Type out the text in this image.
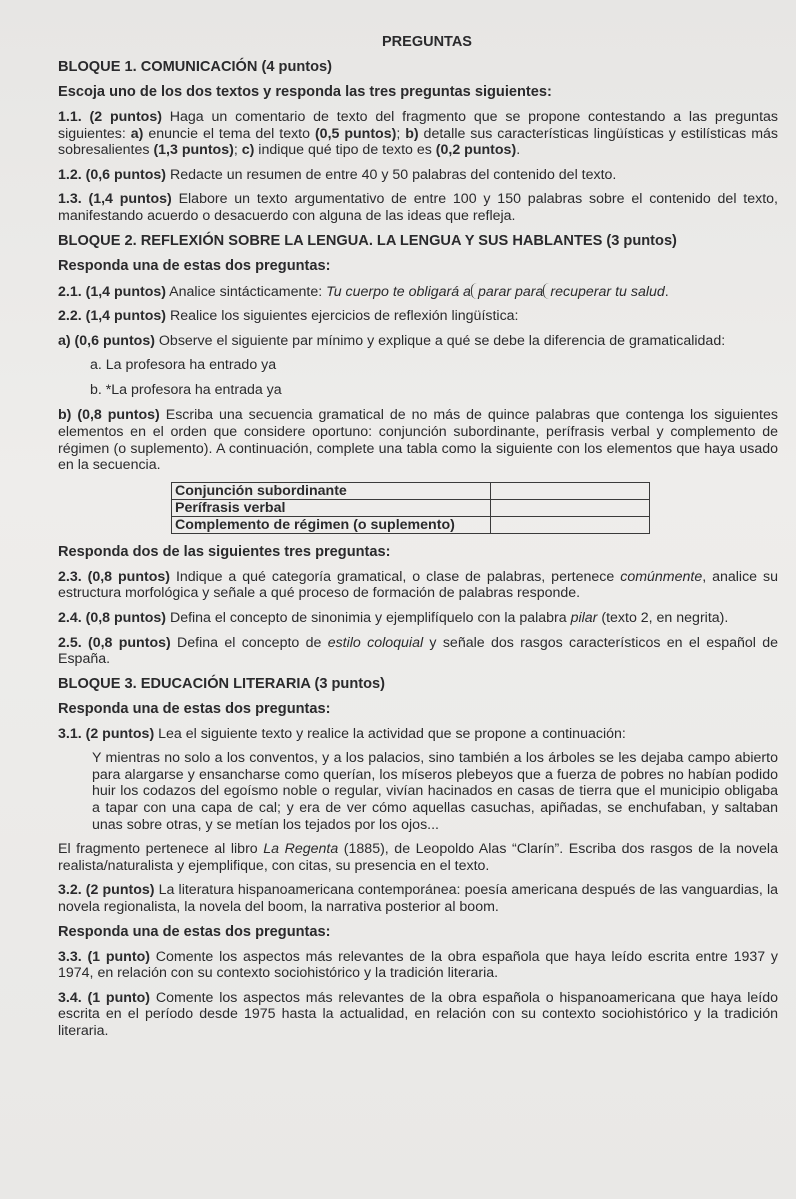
PREGUNTAS

BLOQUE 1. COMUNICACIÓN (4 puntos)

Escoja uno de los dos textos y responda las tres preguntas siguientes:

1.1. (2 puntos) Haga un comentario de texto del fragmento que se propone contestando a las preguntas siguientes: a) enuncie el tema del texto (0,5 puntos); b) detalle sus características lingüísticas y estilísticas más sobresalientes (1,3 puntos); c) indique qué tipo de texto es (0,2 puntos).

1.2. (0,6 puntos) Redacte un resumen de entre 40 y 50 palabras del contenido del texto.

1.3. (1,4 puntos) Elabore un texto argumentativo de entre 100 y 150 palabras sobre el contenido del texto, manifestando acuerdo o desacuerdo con alguna de las ideas que refleja.

BLOQUE 2. REFLEXIÓN SOBRE LA LENGUA. LA LENGUA Y SUS HABLANTES (3 puntos)

Responda una de estas dos preguntas:

2.1. (1,4 puntos) Analice sintácticamente: Tu cuerpo te obligará a parar para recuperar tu salud.

2.2. (1,4 puntos) Realice los siguientes ejercicios de reflexión lingüística:

a) (0,6 puntos) Observe el siguiente par mínimo y explique a qué se debe la diferencia de gramaticalidad:

a. La profesora ha entrado ya

b. *La profesora ha entrada ya

b) (0,8 puntos) Escriba una secuencia gramatical de no más de quince palabras que contenga los siguientes elementos en el orden que considere oportuno: conjunción subordinante, perífrasis verbal y complemento de régimen (o suplemento). A continuación, complete una tabla como la siguiente con los elementos que haya usado en la secuencia.

Conjunción subordinante	
Perífrasis verbal	
Complemento de régimen (o suplemento)	

Responda dos de las siguientes tres preguntas:

2.3. (0,8 puntos) Indique a qué categoría gramatical, o clase de palabras, pertenece comúnmente, analice su estructura morfológica y señale a qué proceso de formación de palabras responde.

2.4. (0,8 puntos) Defina el concepto de sinonimia y ejemplifíquelo con la palabra pilar (texto 2, en negrita).

2.5. (0,8 puntos) Defina el concepto de estilo coloquial y señale dos rasgos característicos en el español de España.

BLOQUE 3. EDUCACIÓN LITERARIA (3 puntos)

Responda una de estas dos preguntas:

3.1. (2 puntos) Lea el siguiente texto y realice la actividad que se propone a continuación:

Y mientras no solo a los conventos, y a los palacios, sino también a los árboles se les dejaba campo abierto para alargarse y ensancharse como querían, los míseros plebeyos que a fuerza de pobres no habían podido huir los codazos del egoísmo noble o regular, vivían hacinados en casas de tierra que el municipio obligaba a tapar con una capa de cal; y era de ver cómo aquellas casuchas, apiñadas, se enchufaban, y saltaban unas sobre otras, y se metían los tejados por los ojos...

El fragmento pertenece al libro La Regenta (1885), de Leopoldo Alas “Clarín”. Escriba dos rasgos de la novela realista/naturalista y ejemplifique, con citas, su presencia en el texto.

3.2. (2 puntos) La literatura hispanoamericana contemporánea: poesía americana después de las vanguardias, la novela regionalista, la novela del boom, la narrativa posterior al boom.

Responda una de estas dos preguntas:

3.3. (1 punto) Comente los aspectos más relevantes de la obra española que haya leído escrita entre 1937 y 1974, en relación con su contexto sociohistórico y la tradición literaria.

3.4. (1 punto) Comente los aspectos más relevantes de la obra española o hispanoamericana que haya leído escrita en el período desde 1975 hasta la actualidad, en relación con su contexto sociohistórico y la tradición literaria.
